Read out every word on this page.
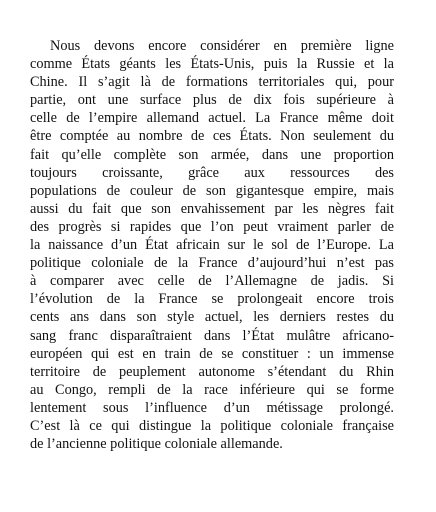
Nous devons encore considérer en première ligne
comme États géants les États-Unis, puis la Russie et la
Chine. Il s’agit là de formations territoriales qui, pour
partie, ont une surface plus de dix fois supérieure à
celle de l’empire allemand actuel. La France même doit
être comptée au nombre de ces États. Non seulement du
fait qu’elle complète son armée, dans une proportion
toujours croissante, grâce aux ressources des
populations de couleur de son gigantesque empire, mais
aussi du fait que son envahissement par les nègres fait
des progrès si rapides que l’on peut vraiment parler de
la naissance d’un État africain sur le sol de l’Europe. La
politique coloniale de la France d’aujourd’hui n’est pas
à comparer avec celle de l’Allemagne de jadis. Si
l’évolution de la France se prolongeait encore trois
cents ans dans son style actuel, les derniers restes du
sang franc disparaîtraient dans l’État mulâtre africano-
européen qui est en train de se constituer : un immense
territoire de peuplement autonome s’étendant du Rhin
au Congo, rempli de la race inférieure qui se forme
lentement sous l’influence d’un métissage prolongé.
C’est là ce qui distingue la politique coloniale française
de l’ancienne politique coloniale allemande.
